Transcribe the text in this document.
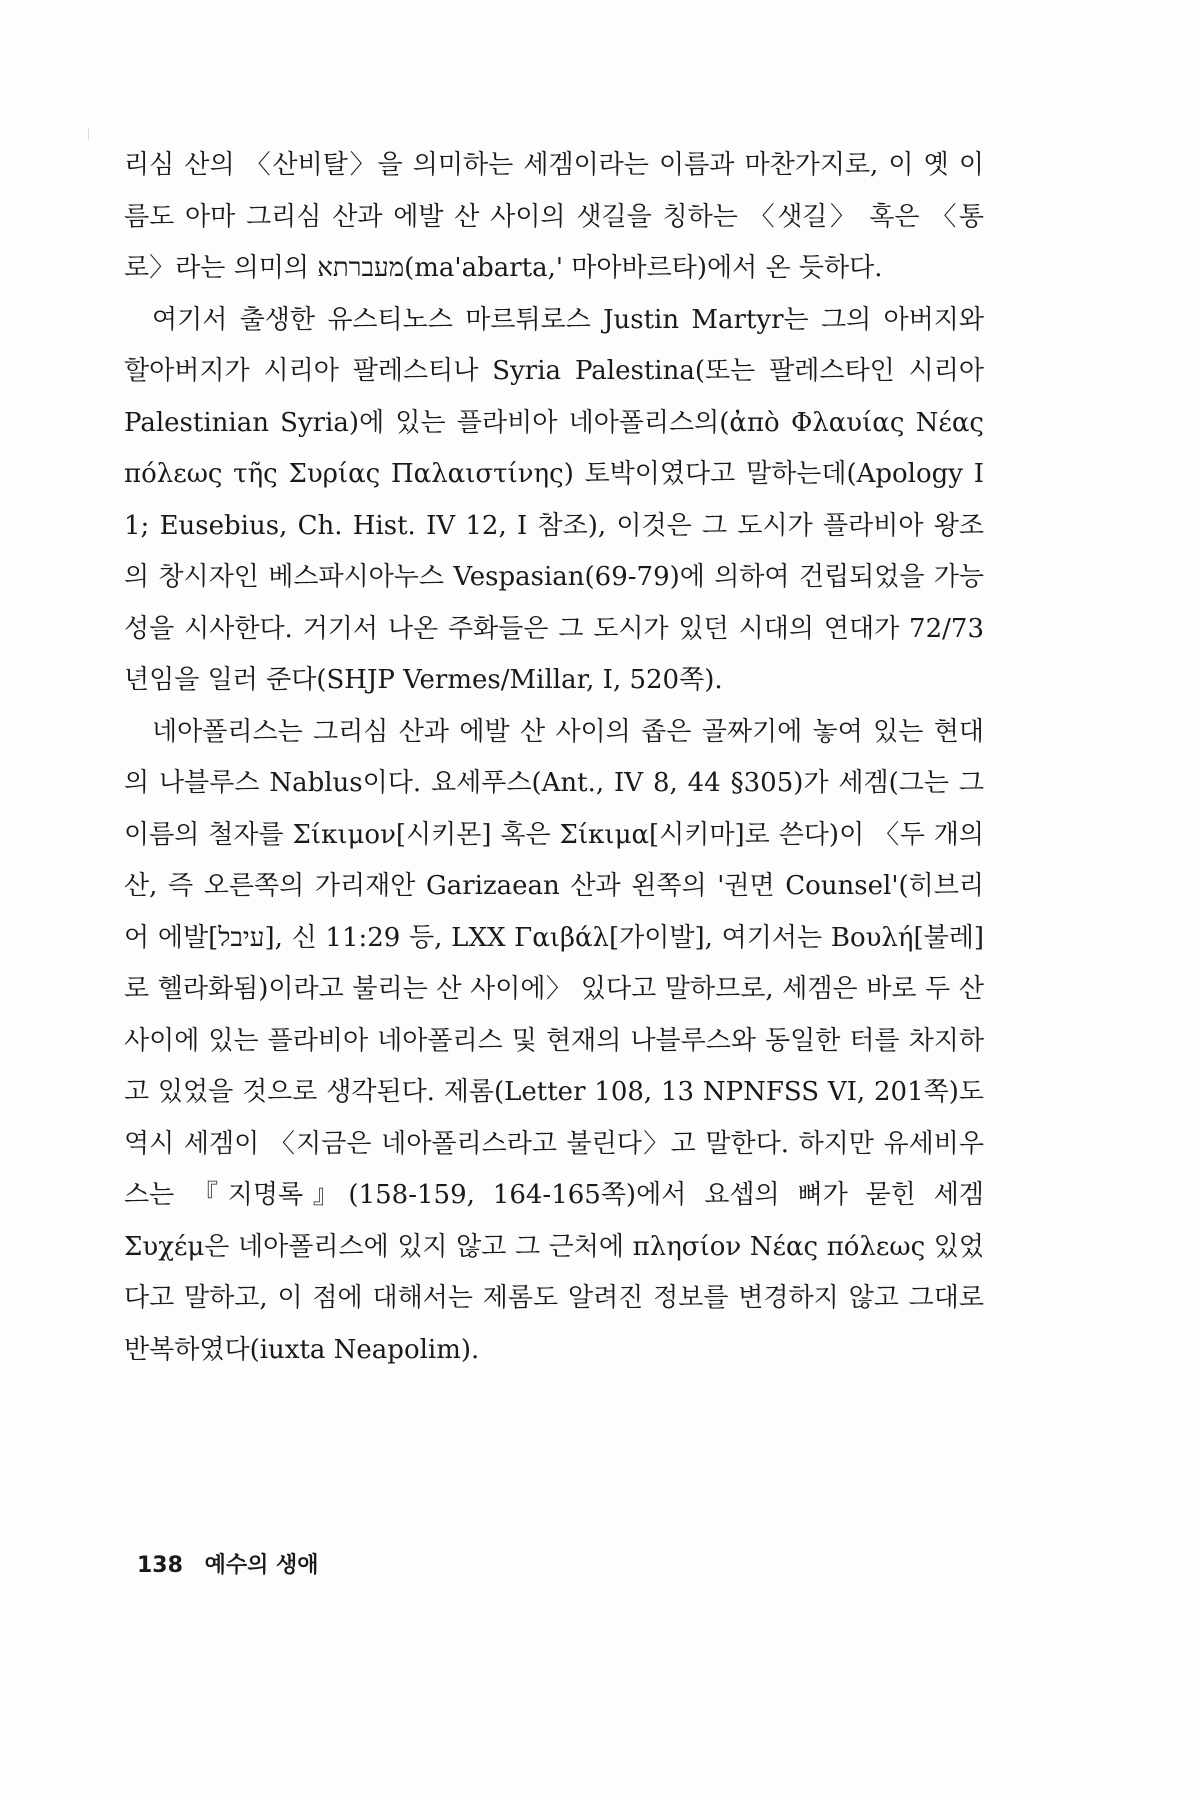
리심 산의 〈산비탈〉을 의미하는 세겜이라는 이름과 마찬가지로, 이 옛 이름도 아마 그리심 산과 에발 산 사이의 샛길을 칭하는 〈샛길〉 혹은 〈통로〉라는 의미의 מעברתא(ma'abarta,' 마아바르타)에서 온 듯하다.

여기서 출생한 유스티노스 마르튀로스 Justin Martyr는 그의 아버지와 할아버지가 시리아 팔레스티나 Syria Palestina(또는 팔레스타인 시리아 Palestinian Syria)에 있는 플라비아 네아폴리스의(ἀπὸ Φλαυίας Νέας πόλεως τῆς Συρίας Παλαιστίνης) 토박이였다고 말하는데(Apology I 1; Eusebius, Ch. Hist. IV 12, I 참조), 이것은 그 도시가 플라비아 왕조의 창시자인 베스파시아누스 Vespasian(69-79)에 의하여 건립되었을 가능성을 시사한다. 거기서 나온 주화들은 그 도시가 있던 시대의 연대가 72/73년임을 일러 준다(SHJP Vermes/Millar, I, 520쪽).

네아폴리스는 그리심 산과 에발 산 사이의 좁은 골짜기에 놓여 있는 현대의 나블루스 Nablus이다. 요세푸스(Ant., IV 8, 44 §305)가 세겜(그는 그 이름의 철자를 Σίκιμον[시키몬] 혹은 Σίκιμα[시키마]로 쓴다)이 〈두 개의 산, 즉 오른쪽의 가리재안 Garizaean 산과 왼쪽의 '권면 Counsel'(히브리어 에발[עיבל], 신 11:29 등, LXX Γαιβάλ[가이발], 여기서는 Βουλή[불레]로 헬라화됨)이라고 불리는 산 사이에〉 있다고 말하므로, 세겜은 바로 두 산 사이에 있는 플라비아 네아폴리스 및 현재의 나블루스와 동일한 터를 차지하고 있었을 것으로 생각된다. 제롬(Letter 108, 13 NPNFSS VI, 201쪽)도 역시 세겜이 〈지금은 네아폴리스라고 불린다〉고 말한다. 하지만 유세비우스는 『지명록』(158-159, 164-165쪽)에서 요셉의 뼈가 묻힌 세겜 Συχέμ은 네아폴리스에 있지 않고 그 근처에 πλησίον Νέας πόλεως 있었다고 말하고, 이 점에 대해서는 제롬도 알려진 정보를 변경하지 않고 그대로 반복하였다(iuxta Neapolim).

138 예수의 생애
